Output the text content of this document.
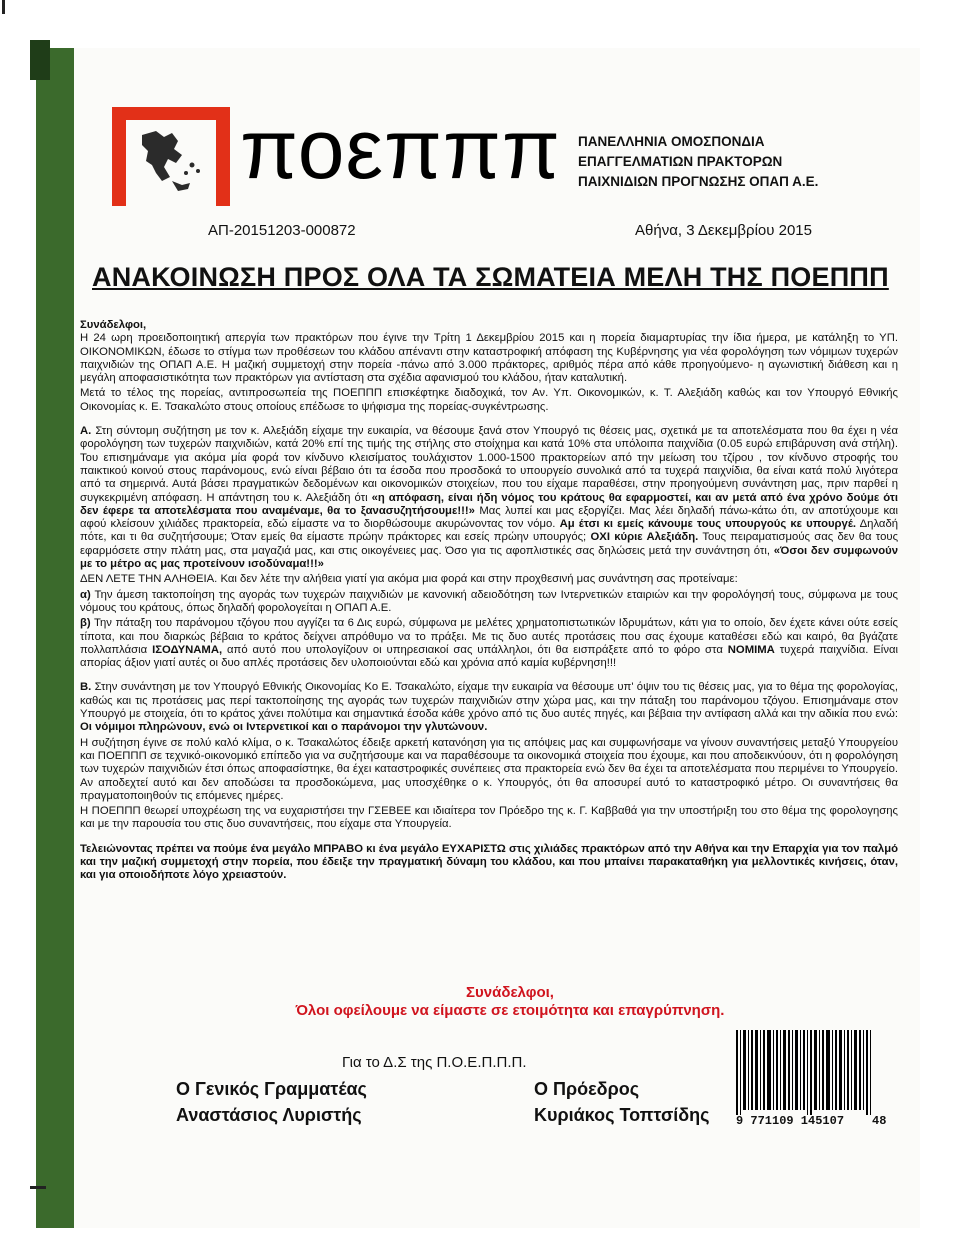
ποεπππ ΠΑΝΕΛΛΗΝΙΑ ΟΜΟΣΠΟΝΔΙΑ
ΕΠΑΓΓΕΛΜΑΤΙΩΝ ΠΡΑΚΤΟΡΩΝ
ΠΑΙΧΝΙΔΙΩΝ ΠΡΟΓΝΩΣΗΣ ΟΠΑΠ Α.Ε.
ΑΠ-20151203-000872	Αθήνα, 3 Δεκεμβρίου 2015
ΑΝΑΚΟΙΝΩΣΗ ΠΡΟΣ ΟΛΑ ΤΑ ΣΩΜΑΤΕΙΑ ΜΕΛΗ ΤΗΣ ΠΟΕΠΠΠ

Συνάδελφοι,
Η 24 ωρη προειδοποιητική απεργία των πρακτόρων που έγινε την Τρίτη 1 Δεκεμβρίου 2015 και η πορεία διαμαρτυρίας την ίδια ήμερα, με κατάληξη το ΥΠ. ΟΙΚΟΝΟΜΙΚΩΝ, έδωσε το στίγμα των προθέσεων του κλάδου απέναντι στην καταστροφική απόφαση της Κυβέρνησης για νέα φορολόγηση των νόμιμων τυχερών παιχνιδιών της ΟΠΑΠ Α.Ε. Η μαζική συμμετοχή στην πορεία -πάνω από 3.000 πράκτορες, αριθμός πέρα από κάθε προηγούμενο- η αγωνιστική διάθεση και η μεγάλη αποφασιστικότητα των πρακτόρων για αντίσταση στα σχέδια αφανισμού του κλάδου, ήταν καταλυτική.

Μετά το τέλος της πορείας, αντιπροσωπεία της ΠΟΕΠΠΠ επισκέφτηκε διαδοχικά, τον Αν. Υπ. Οικονομικών, κ. Τ. Αλεξιάδη καθώς και τον Υπουργό Εθνικής Οικονομίας κ. Ε. Τσακαλώτο στους οποίους επέδωσε το ψήφισμα της πορείας-συγκέντρωσης.

Α. Στη σύντομη συζήτηση με τον κ. Αλεξιάδη είχαμε την ευκαιρία, να θέσουμε ξανά στον Υπουργό τις θέσεις μας, σχετικά με τα αποτελέσματα που θα έχει η νέα φορολόγηση των τυχερών παιχνιδιών, κατά 20% επί της τιμής της στήλης στο στοίχημα και κατά 10% στα υπόλοιπα παιχνίδια (0.05 ευρώ επιβάρυνση ανά στήλη). Του επισημάναμε για ακόμα μία φορά τον κίνδυνο κλεισίματος τουλάχιστον 1.000-1500 πρακτορείων από την μείωση του τζίρου , τον κίνδυνο στροφής του παικτικού κοινού στους παράνομους, ενώ είναι βέβαιο ότι τα έσοδα που προσδοκά το υπουργείο συνολικά από τα τυχερά παιχνίδια, θα είναι κατά πολύ λιγότερα από τα σημερινά. Αυτά βάσει πραγματικών δεδομένων και οικονομικών στοιχείων, που του είχαμε παραθέσει, στην προηγούμενη συνάντηση μας, πριν παρθεί η συγκεκριμένη απόφαση. Η απάντηση του κ. Αλεξιάδη ότι «η απόφαση, είναι ήδη νόμος του κράτους θα εφαρμοστεί, και αν μετά από ένα χρόνο δούμε ότι δεν έφερε τα αποτελέσματα που αναμέναμε, θα το ξανασυζητήσουμε!!!» Μας λυπεί και μας εξοργίζει. Μας λέει δηλαδή πάνω-κάτω ότι, αν αποτύχουμε και αφού κλείσουν χιλιάδες πρακτορεία, εδώ είμαστε να το διορθώσουμε ακυρώνοντας τον νόμο. Αμ έτσι κι εμείς κάνουμε τους υπουργούς κε υπουργέ. Δηλαδή πότε, και τι θα συζητήσουμε; Όταν εμείς θα είμαστε πρώην πράκτορες και εσείς πρώην υπουργός; ΟΧΙ κύριε Αλεξιάδη. Τους πειραματισμούς σας δεν θα τους εφαρμόσετε στην πλάτη μας, στα μαγαζιά μας, και στις οικογένειες μας. Όσο για τις αφοπλιστικές σας δηλώσεις μετά την συνάντηση ότι, «Όσοι δεν συμφωνούν με το μέτρο ας μας προτείνουν ισοδύναμα!!!»

ΔΕΝ ΛΕΤΕ ΤΗΝ ΑΛΗΘΕΙΑ. Και δεν λέτε την αλήθεια γιατί για ακόμα μια φορά και στην προχθεσινή μας συνάντηση σας προτείναμε:

α) Την άμεση τακτοποίηση της αγοράς των τυχερών παιχνιδιών με κανονική αδειοδότηση των Ιντερνετικών εταιριών και την φορολόγησή τους, σύμφωνα με τους νόμους του κράτους, όπως δηλαδή φορολογείται η ΟΠΑΠ Α.Ε.

β) Την πάταξη του παράνομου τζόγου που αγγίζει τα 6 Δις ευρώ, σύμφωνα με μελέτες χρηματοπιστωτικών Ιδρυμάτων, κάτι για το οποίο, δεν έχετε κάνει ούτε εσείς τίποτα, και που διαρκώς βέβαια το κράτος δείχνει απρόθυμο να το πράξει. Με τις δυο αυτές προτάσεις που σας έχουμε καταθέσει εδώ και καιρό, θα βγάζατε πολλαπλάσια ΙΣΟΔΥΝΑΜΑ, από αυτό που υπολογίζουν οι υπηρεσιακοί σας υπάλληλοι, ότι θα εισπράξετε από το φόρο στα ΝΟΜΙΜΑ τυχερά παιχνίδια. Είναι απορίας άξιον γιατί αυτές οι δυο απλές προτάσεις δεν υλοποιούνται εδώ και χρόνια από καμία κυβέρνηση!!!

Β. Στην συνάντηση με τον Υπουργό Εθνικής Οικονομίας Κο Ε. Τσακαλώτο, είχαμε την ευκαιρία να θέσουμε υπ' όψιν του τις θέσεις μας, για το θέμα της φορολογίας, καθώς και τις προτάσεις μας περί τακτοποίησης της αγοράς των τυχερών παιχνιδιών στην χώρα μας, και την πάταξη του παράνομου τζόγου. Επισημάναμε στον Υπουργό με στοιχεία, ότι το κράτος χάνει πολύτιμα και σημαντικά έσοδα κάθε χρόνο από τις δυο αυτές πηγές, και βέβαια την αντίφαση αλλά και την αδικία που ενώ: Οι νόμιμοι πληρώνουν, ενώ οι Ιντερνετικοί και ο παράνομοι την γλυτώνουν.

Η συζήτηση έγινε σε πολύ καλό κλίμα, ο κ. Τσακαλώτος έδειξε αρκετή κατανόηση για τις απόψεις μας και συμφωνήσαμε να γίνουν συναντήσεις μεταξύ Υπουργείου και ΠΟΕΠΠΠ σε τεχνικό-οικονομικό επίπεδο για να συζητήσουμε και να παραθέσουμε τα οικονομικά στοιχεία που έχουμε, και που αποδεικνύουν, ότι η φορολόγηση των τυχερών παιχνιδιών έτσι όπως αποφασίστηκε, θα έχει καταστροφικές συνέπειες στα πρακτορεία ενώ δεν θα έχει τα αποτελέσματα που περιμένει το Υπουργείο. Αν αποδεχτεί αυτό και δεν αποδώσει τα προσδοκώμενα, μας υποσχέθηκε ο κ. Υπουργός, ότι θα αποσυρεί αυτό το καταστροφικό μέτρο. Οι συναντήσεις θα πραγματοποιηθούν τις επόμενες ημέρες.

Η ΠΟΕΠΠΠ θεωρεί υποχρέωση της να ευχαριστήσει την ΓΣΕΒΕΕ και ιδιαίτερα τον Πρόεδρο της κ. Γ. Καββαθά για την υποστήριξη του στο θέμα της φορολογησης και με την παρουσία του στις δυο συναντήσεις, που είχαμε στα Υπουργεία.

Τελειώνοντας πρέπει να πούμε ένα μεγάλο ΜΠΡΑΒΟ κι ένα μεγάλο ΕΥΧΑΡΙΣΤΩ στις χιλιάδες πρακτόρων από την Αθήνα και την Επαρχία για τον παλμό και την μαζική συμμετοχή στην πορεία, που έδειξε την πραγματική δύναμη του κλάδου, και που μπαίνει παρακαταθήκη για μελλοντικές κινήσεις, όταν, και για οποιοδήποτε λόγο χρειαστούν.

Συνάδελφοι,
Όλοι οφείλουμε να είμαστε σε ετοιμότητα και επαγρύπνηση.
Για το Δ.Σ της Π.Ο.Ε.Π.Π.Π.
Ο Γενικός Γραμματέας
Αναστάσιος Λυριστής
Ο Πρόεδρος
Κυριάκος Τοπτσίδης 9 771109 145107 48
